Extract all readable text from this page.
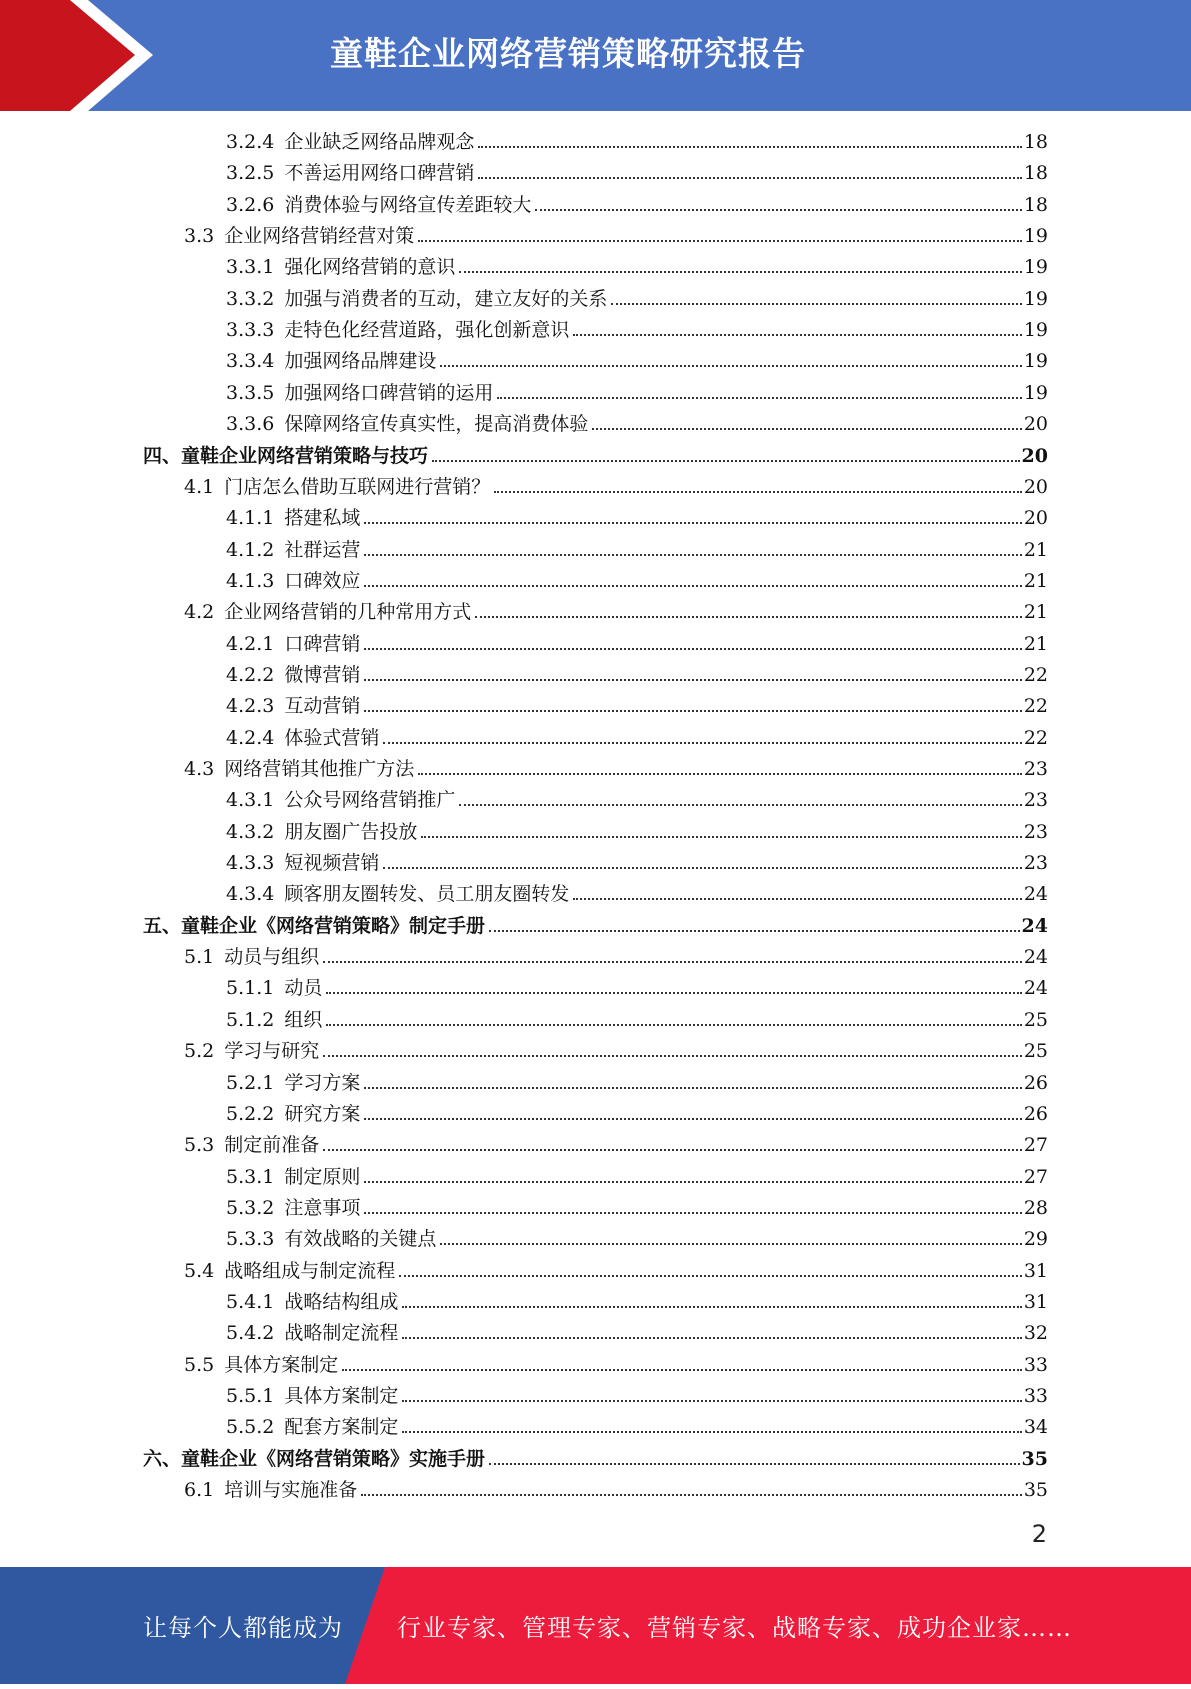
童鞋企业网络营销策略研究报告
3.2.4 企业缺乏网络品牌观念	18
3.2.5 不善运用网络口碑营销	18
3.2.6 消费体验与网络宣传差距较大	18
3.3 企业网络营销经营对策	19
3.3.1 强化网络营销的意识	19
3.3.2 加强与消费者的互动，建立友好的关系	19
3.3.3 走特色化经营道路，强化创新意识	19
3.3.4 加强网络品牌建设	19
3.3.5 加强网络口碑营销的运用	19
3.3.6 保障网络宣传真实性，提高消费体验	20
四、 童鞋企业网络营销策略与技巧	20
4.1 门店怎么借助互联网进行营销？	20
4.1.1 搭建私域	20
4.1.2 社群运营	21
4.1.3 口碑效应	21
4.2 企业网络营销的几种常用方式	21
4.2.1 口碑营销	21
4.2.2 微博营销	22
4.2.3 互动营销	22
4.2.4 体验式营销	22
4.3 网络营销其他推广方法	23
4.3.1 公众号网络营销推广	23
4.3.2 朋友圈广告投放	23
4.3.3 短视频营销	23
4.3.4 顾客朋友圈转发、员工朋友圈转发	24
五、 童鞋企业《网络营销策略》制定手册	24
5.1 动员与组织	24
5.1.1 动员	24
5.1.2 组织	25
5.2 学习与研究	25
5.2.1 学习方案	26
5.2.2 研究方案	26
5.3 制定前准备	27
5.3.1 制定原则	27
5.3.2 注意事项	28
5.3.3 有效战略的关键点	29
5.4 战略组成与制定流程	31
5.4.1 战略结构组成	31
5.4.2 战略制定流程	32
5.5 具体方案制定	33
5.5.1 具体方案制定	33
5.5.2 配套方案制定	34
六、 童鞋企业《网络营销策略》实施手册	35
6.1 培训与实施准备	35
2
让每个人都能成为 行业专家、管理专家、营销专家、战略专家、成功企业家……
